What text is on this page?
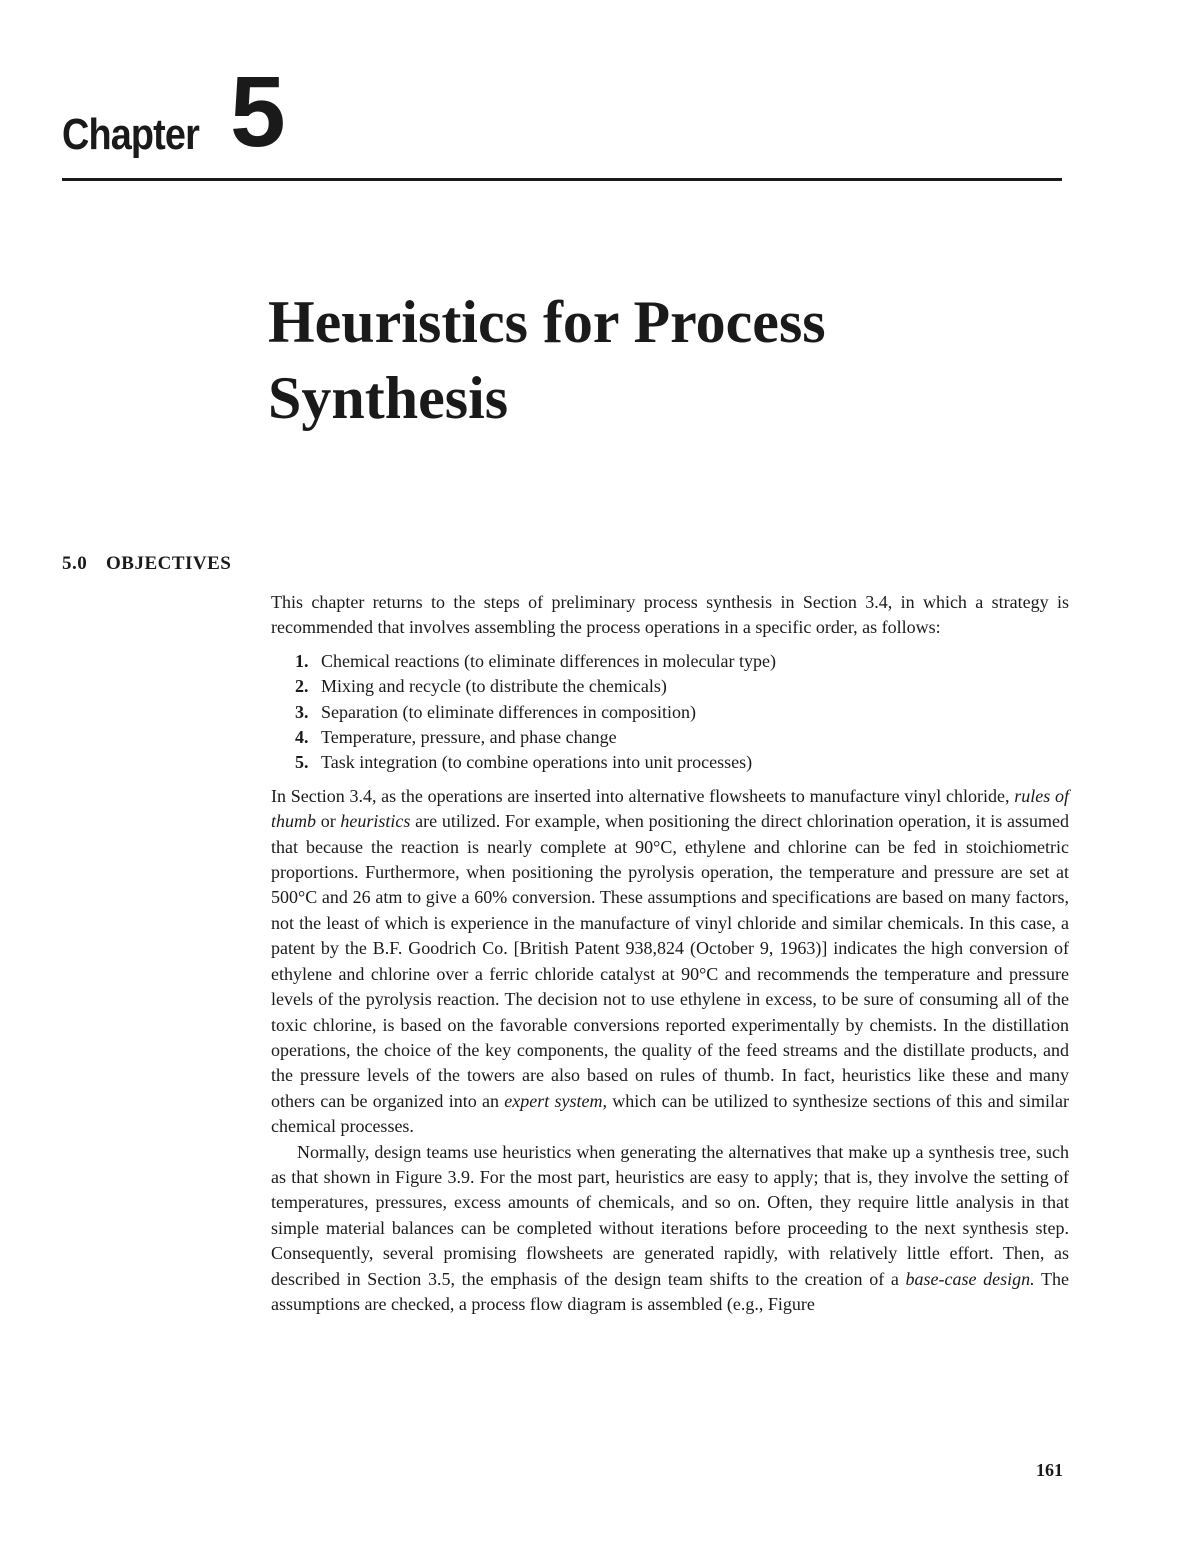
Chapter 5
Heuristics for Process
Synthesis
5.0 OBJECTIVES

This chapter returns to the steps of preliminary process synthesis in Section 3.4, in which a strategy is recommended that involves assembling the process operations in a specific order, as follows:

1. Chemical reactions (to eliminate differences in molecular type)
2. Mixing and recycle (to distribute the chemicals)
3. Separation (to eliminate differences in composition)
4. Temperature, pressure, and phase change
5. Task integration (to combine operations into unit processes)

In Section 3.4, as the operations are inserted into alternative flowsheets to manufacture vinyl chloride, rules of thumb or heuristics are utilized. For example, when positioning the direct chlorination operation, it is assumed that because the reaction is nearly complete at 90°C, ethylene and chlorine can be fed in stoichiometric proportions. Furthermore, when positioning the pyrolysis operation, the temperature and pressure are set at 500°C and 26 atm to give a 60% conversion. These assumptions and specifications are based on many factors, not the least of which is experience in the manufacture of vinyl chloride and similar chemicals. In this case, a patent by the B.F. Goodrich Co. [British Patent 938,824 (October 9, 1963)] indicates the high conversion of ethylene and chlorine over a ferric chloride catalyst at 90°C and recommends the temperature and pressure levels of the pyrolysis reaction. The decision not to use ethylene in excess, to be sure of consuming all of the toxic chlorine, is based on the favorable conversions reported experimentally by chemists. In the distillation operations, the choice of the key components, the quality of the feed streams and the distillate products, and the pressure levels of the towers are also based on rules of thumb. In fact, heuristics like these and many others can be organized into an expert system, which can be utilized to synthesize sections of this and similar chemical processes.

Normally, design teams use heuristics when generating the alternatives that make up a synthesis tree, such as that shown in Figure 3.9. For the most part, heuristics are easy to apply; that is, they involve the setting of temperatures, pressures, excess amounts of chemicals, and so on. Often, they require little analysis in that simple material balances can be completed without iterations before proceeding to the next synthesis step. Consequently, several promising flowsheets are generated rapidly, with relatively little effort. Then, as described in Section 3.5, the emphasis of the design team shifts to the creation of a base-case design. The assumptions are checked, a process flow diagram is assembled (e.g., Figure

161
